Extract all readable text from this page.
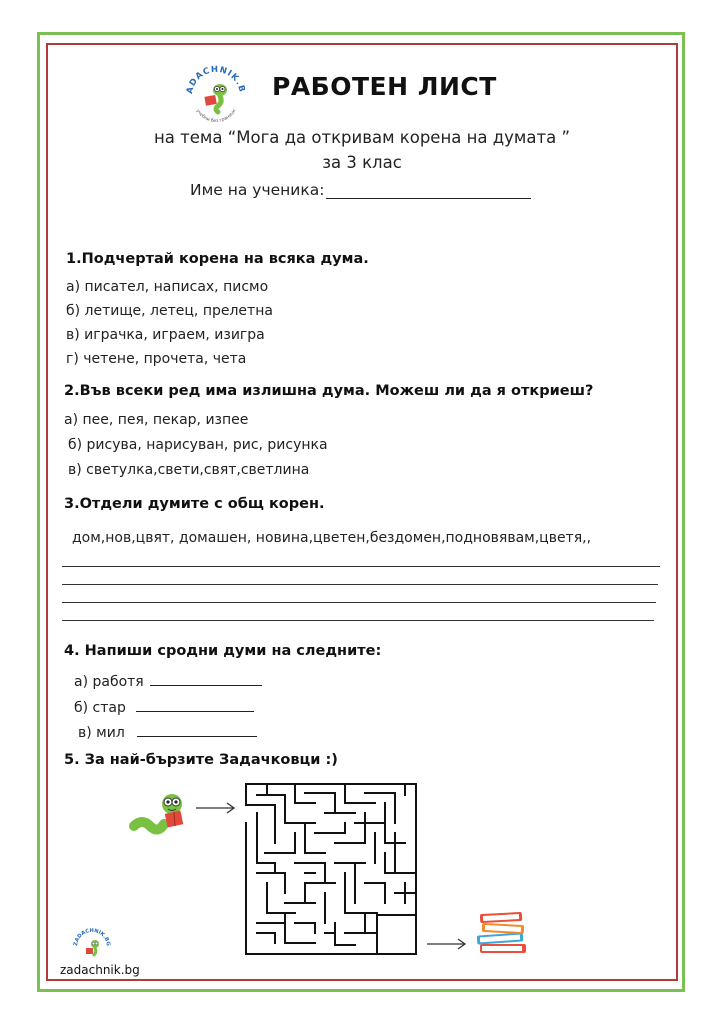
ADACHNIK.B
учебни без граници
РАБОТЕН ЛИСТ
на тема “Мога да откривам корена на думата ”
за 3 клас
Име на ученика:
1.Подчертай корена на всяка дума.
а) писател, написах, писмо
б) летище, летец, прелетна
в) играчка, играем, изигра
г) четене, прочета, чета
2.Във всеки ред има излишна дума. Можеш ли да я откриеш?
а) пее, пея, пекар, изпее
б) рисува, нарисуван, рис, рисунка
в) светулка,свети,свят,светлина
3.Отдели думите с общ корен.
дом,нов,цвят, домашен, новина,цветен,бездомен,подновявам,цветя,,
4. Напиши сродни думи на следните:
а) работя
б) стар
в) мил
5. За най-бързите Задачковци :)
ZADACHNIK.BG
zadachnik.bg
